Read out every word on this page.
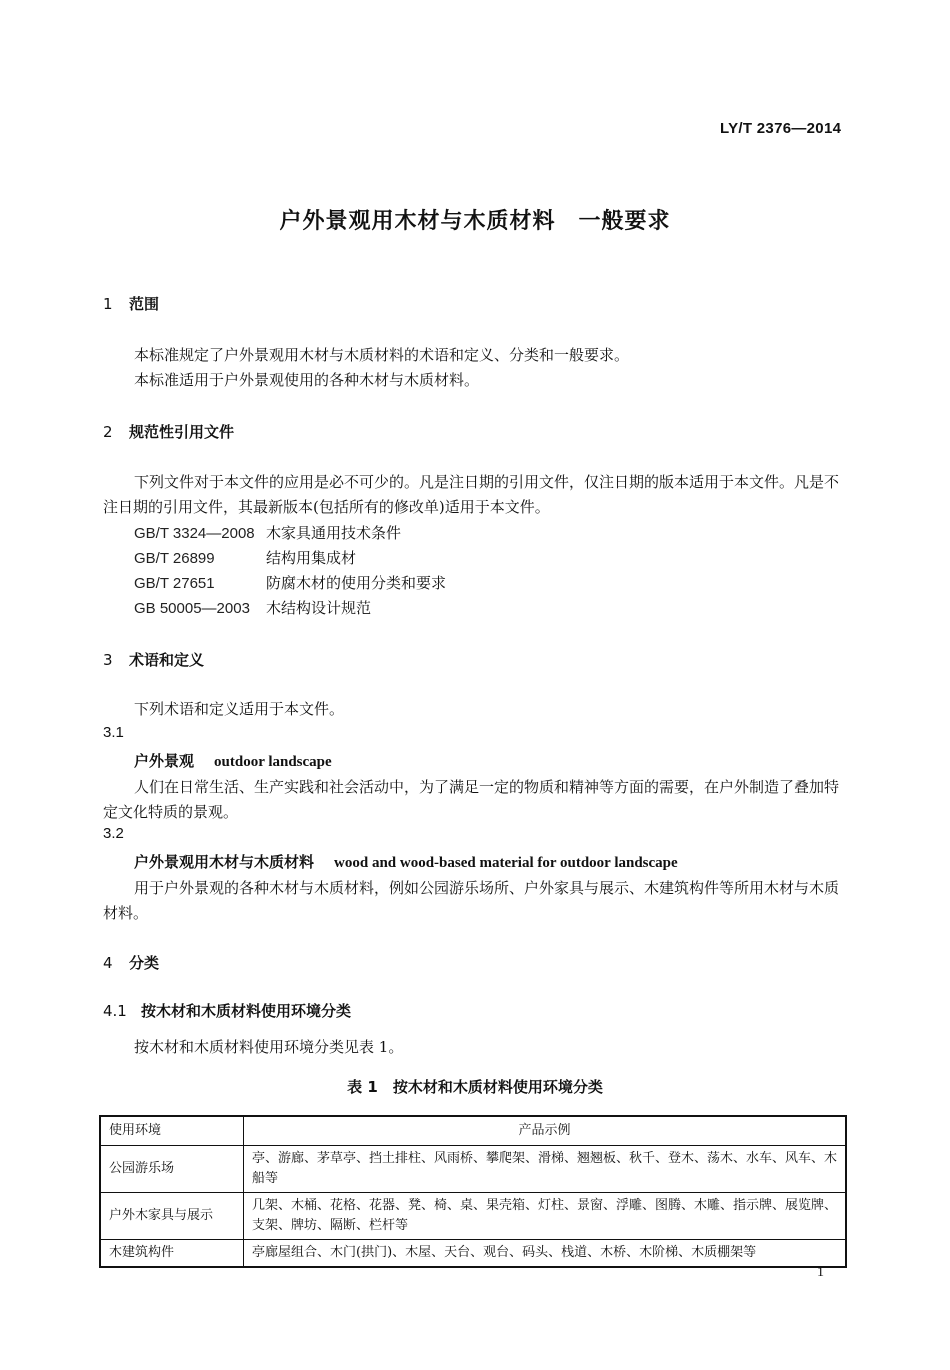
LY/T 2376—2014
户外景观用木材与木质材料　一般要求
1 范围
本标准规定了户外景观用木材与木质材料的术语和定义、分类和一般要求。
本标准适用于户外景观使用的各种木材与木质材料。
2 规范性引用文件
下列文件对于本文件的应用是必不可少的。凡是注日期的引用文件，仅注日期的版本适用于本文件。凡是不注日期的引用文件，其最新版本(包括所有的修改单)适用于本文件。
GB/T 3324—2008 木家具通用技术条件
GB/T 26899	结构用集成材
GB/T 27651	防腐木材的使用分类和要求
GB 50005—2003 木结构设计规范
3 术语和定义
下列术语和定义适用于本文件。
3.1
户外景观 outdoor landscape
人们在日常生活、生产实践和社会活动中，为了满足一定的物质和精神等方面的需要，在户外制造了叠加特定文化特质的景观。
3.2
户外景观用木材与木质材料 wood and wood-based material for outdoor landscape
用于户外景观的各种木材与木质材料，例如公园游乐场所、户外家具与展示、木建筑构件等所用木材与木质材料。
4 分类
4.1 按木材和木质材料使用环境分类
按木材和木质材料使用环境分类见表 1。
表 1　按木材和木质材料使用环境分类
使用环境	产品示例
公园游乐场	亭、游廊、茅草亭、挡土排柱、风雨桥、攀爬架、滑梯、翘翘板、秋千、登木、荡木、水车、风车、木船等
户外木家具与展示	几架、木桶、花格、花器、凳、椅、桌、果壳箱、灯柱、景窗、浮雕、图腾、木雕、指示牌、展览牌、支架、牌坊、隔断、栏杆等
木建筑构件	亭廊屋组合、木门(拱门)、木屋、天台、观台、码头、栈道、木桥、木阶梯、木质棚架等
1
